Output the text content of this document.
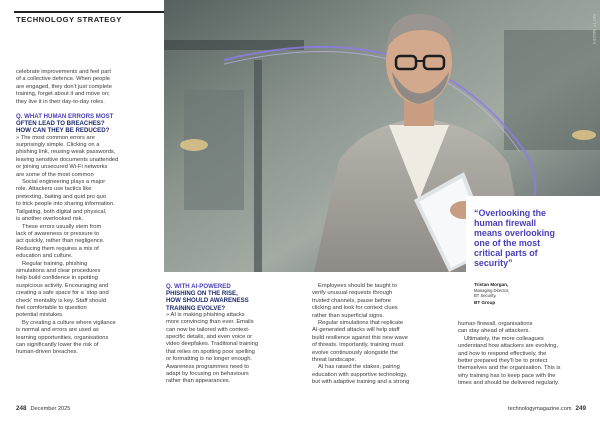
TECHNOLOGY STRATEGY	GETTY IMAGES
“Overlooking the
human firewall
means overlooking
one of the most
critical parts of
security”
Tristan Morgan,
Managing Director,
BT Security,
BT Group

celebrate improvements and feel part
of a collective defence. When people
are engaged, they don’t just complete
training, forget about it and move on;
they live it in their day-to-day roles.

Q. WHAT HUMAN ERRORS MOST
OFTEN LEAD TO BREACHES?
HOW CAN THEY BE REDUCED?

» The most common errors are
surprisingly simple. Clicking on a
phishing link, reusing weak passwords,
leaving sensitive documents unattended
or joining unsecured Wi-Fi networks
are some of the most common

Social engineering plays a major
role. Attackers use tactics like
pretexting, baiting and quid pro quo
to trick people into sharing information.
Tailgating, both digital and physical,
is another overlooked risk.

These errors usually stem from
lack of awareness or pressure to
act quickly, rather than negligence.
Reducing them requires a mix of
education and culture.

Regular training, phishing
simulations and clear procedures
help build confidence in spotting
suspicious activity. Encouraging and
creating a safe space for a ‘stop and
check’ mentality is key. Staff should
feel comfortable to question
potential mistakes.

By creating a culture where vigilance
is normal and errors are used as
learning opportunities, organisations
can significantly lower the risk of
human-driven breaches.

Q. WITH AI-POWERED
PHISHING ON THE RISE,
HOW SHOULD AWARENESS
TRAINING EVOLVE?

» AI is making phishing attacks
more convincing than ever. Emails
can now be tailored with context-
specific details, and even voice or
video deepfakes. Traditional training
that relies on spotting poor spelling
or formatting is no longer enough.
Awareness programmes need to
adapt by focusing on behaviours
rather than appearances.

Employees should be taught to
verify unusual requests through
trusted channels, pause before
clicking and look for context clues
rather than superficial signs.

Regular simulations that replicate
AI-generated attacks will help staff
build resilience against this new wave
of threats. Importantly, training must
evolve continuously alongside the
threat landscape.

AI has raised the stakes, pairing
education with supportive technology,
but with adaptive training and a strong

human firewall, organisations
can stay ahead of attackers.

Ultimately, the more colleagues
understand how attackers are evolving,
and how to respond effectively, the
better prepared they’ll be to protect
themselves and the organisation. This is
why training has to keep pace with the
times and should be delivered regularly.

248 December 2025	technologymagazine.com 249
